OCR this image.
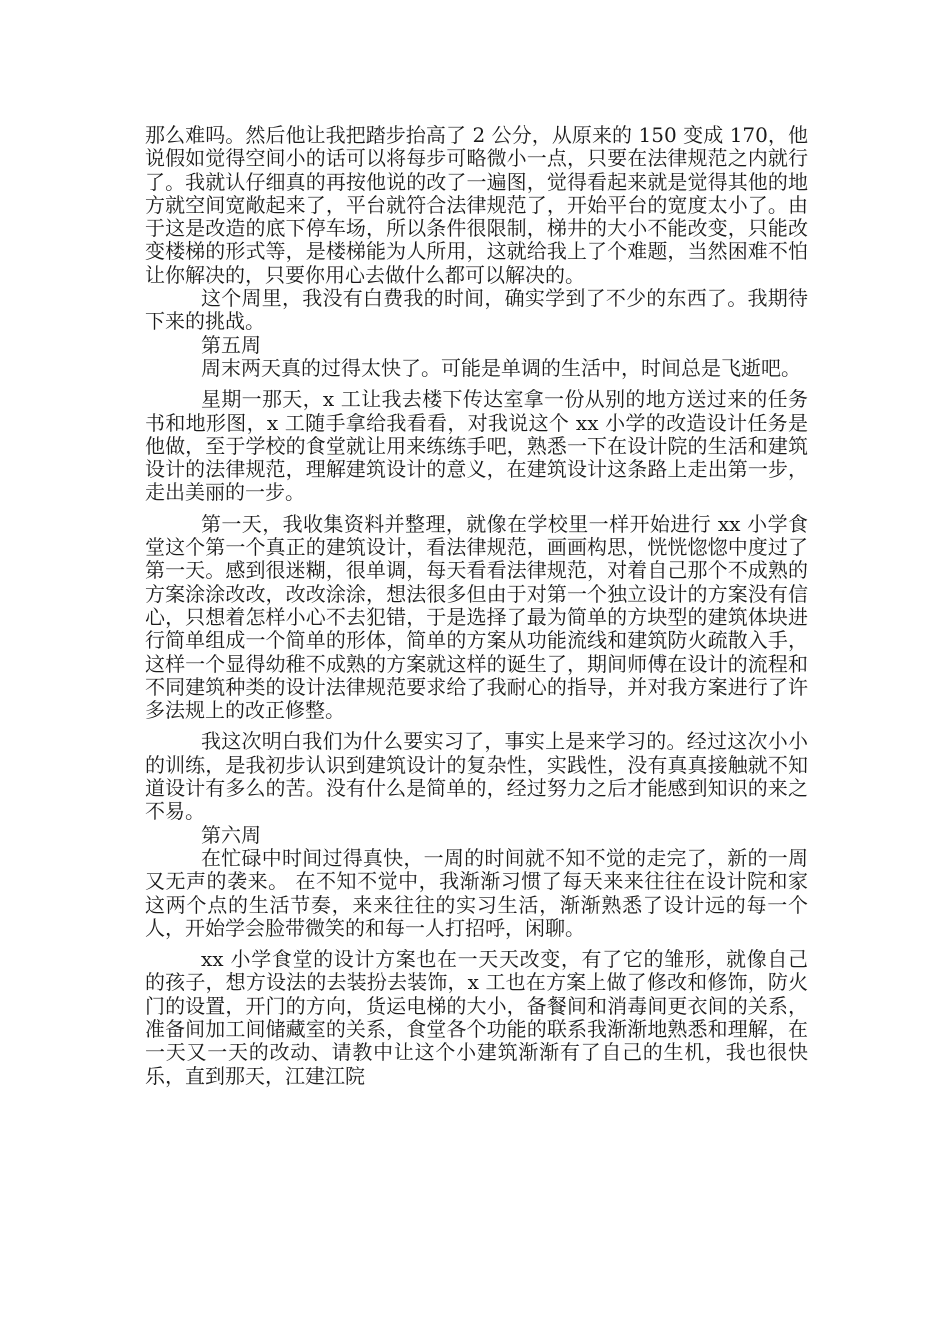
那么难吗。然后他让我把踏步抬高了 2 公分，从原来的 150 变成 170，他说假如觉得空间小的话可以将每步可略微小一点，只要在法律规范之内就行了。我就认仔细真的再按他说的改了一遍图，觉得看起来就是觉得其他的地方就空间宽敞起来了，平台就符合法律规范了，开始平台的宽度太小了。由于这是改造的底下停车场，所以条件很限制，梯井的大小不能改变，只能改变楼梯的形式等，是楼梯能为人所用，这就给我上了个难题，当然困难不怕让你解决的，只要你用心去做什么都可以解决的。

这个周里，我没有白费我的时间，确实学到了不少的东西了。我期待下来的挑战。

第五周

周末两天真的过得太快了。可能是单调的生活中，时间总是飞逝吧。

星期一那天，x 工让我去楼下传达室拿一份从别的地方送过来的任务书和地形图，x 工随手拿给我看看，对我说这个 xx 小学的改造设计任务是他做，至于学校的食堂就让用来练练手吧，熟悉一下在设计院的生活和建筑设计的法律规范，理解建筑设计的意义，在建筑设计这条路上走出第一步，走出美丽的一步。

第一天，我收集资料并整理，就像在学校里一样开始进行 xx 小学食堂这个第一个真正的建筑设计，看法律规范，画画构思，恍恍惚惚中度过了第一天。感到很迷糊，很单调，每天看看法律规范，对着自己那个不成熟的方案涂涂改改，改改涂涂，想法很多但由于对第一个独立设计的方案没有信心，只想着怎样小心不去犯错，于是选择了最为简单的方块型的建筑体块进行简单组成一个简单的形体，简单的方案从功能流线和建筑防火疏散入手，这样一个显得幼稚不成熟的方案就这样的诞生了，期间师傅在设计的流程和不同建筑种类的设计法律规范要求给了我耐心的指导，并对我方案进行了许多法规上的改正修整。

我这次明白我们为什么要实习了，事实上是来学习的。经过这次小小的训练，是我初步认识到建筑设计的复杂性，实践性，没有真真接触就不知道设计有多么的苦。没有什么是简单的，经过努力之后才能感到知识的来之不易。

第六周

在忙碌中时间过得真快，一周的时间就不知不觉的走完了，新的一周又无声的袭来。 在不知不觉中，我渐渐习惯了每天来来往往在设计院和家这两个点的生活节奏，来来往往的实习生活，渐渐熟悉了设计远的每一个人，开始学会脸带微笑的和每一人打招呼，闲聊。

xx 小学食堂的设计方案也在一天天改变，有了它的雏形，就像自己的孩子，想方设法的去装扮去装饰，x 工也在方案上做了修改和修饰，防火门的设置，开门的方向，货运电梯的大小，备餐间和消毒间更衣间的关系，准备间加工间储藏室的关系，食堂各个功能的联系我渐渐地熟悉和理解，在一天又一天的改动、请教中让这个小建筑渐渐有了自己的生机，我也很快乐，直到那天，江建江院
